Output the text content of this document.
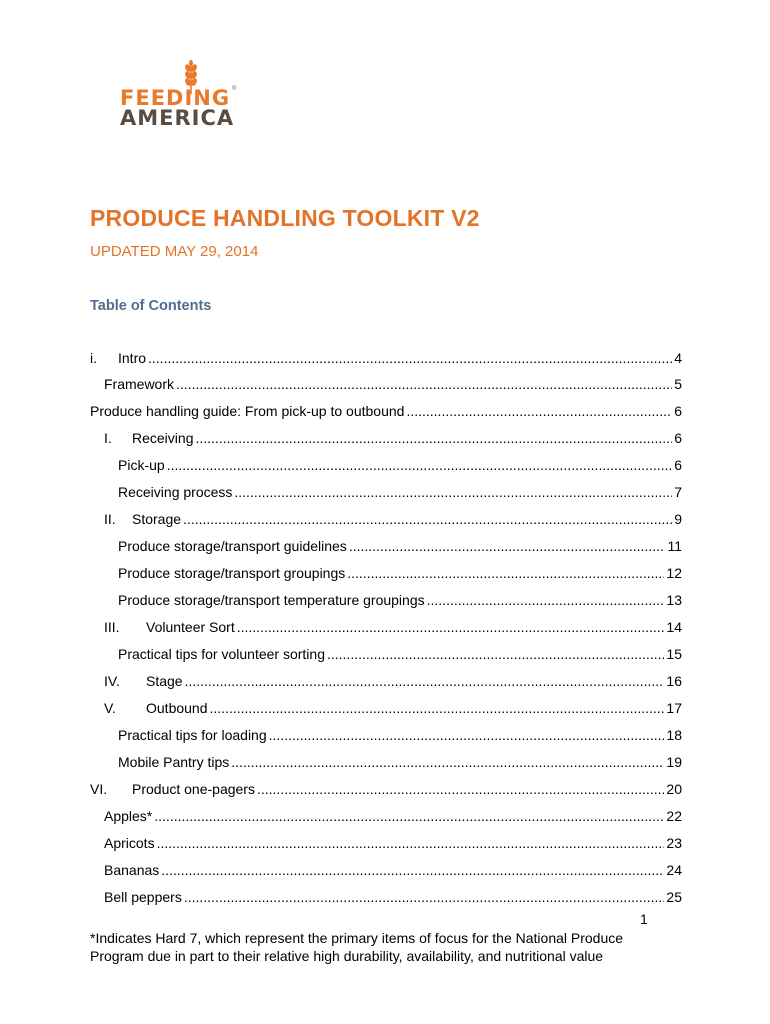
FEEDING ®
AMERICA
PRODUCE HANDLING TOOLKIT V2
UPDATED MAY 29, 2014
Table of Contents
i.	Intro .....	4
Framework .....	5
Produce handling guide: From pick-up to outbound .....	6
I.	Receiving .....	6
Pick-up .....	6
Receiving process .....	7
II.	Storage .....	9
Produce storage/transport guidelines .....	11
Produce storage/transport groupings .....	12
Produce storage/transport temperature groupings .....	13
III.	Volunteer Sort .....	14
Practical tips for volunteer sorting .....	15
IV.	Stage .....	16
V.	Outbound .....	17
Practical tips for loading .....	18
Mobile Pantry tips .....	19
VI.	Product one-pagers .....	20
Apples* .....	22
Apricots .....	23
Bananas .....	24
Bell peppers .....	25
1
*Indicates Hard 7, which represent the primary items of focus for the National Produce Program due in part to their relative high durability, availability, and nutritional value
